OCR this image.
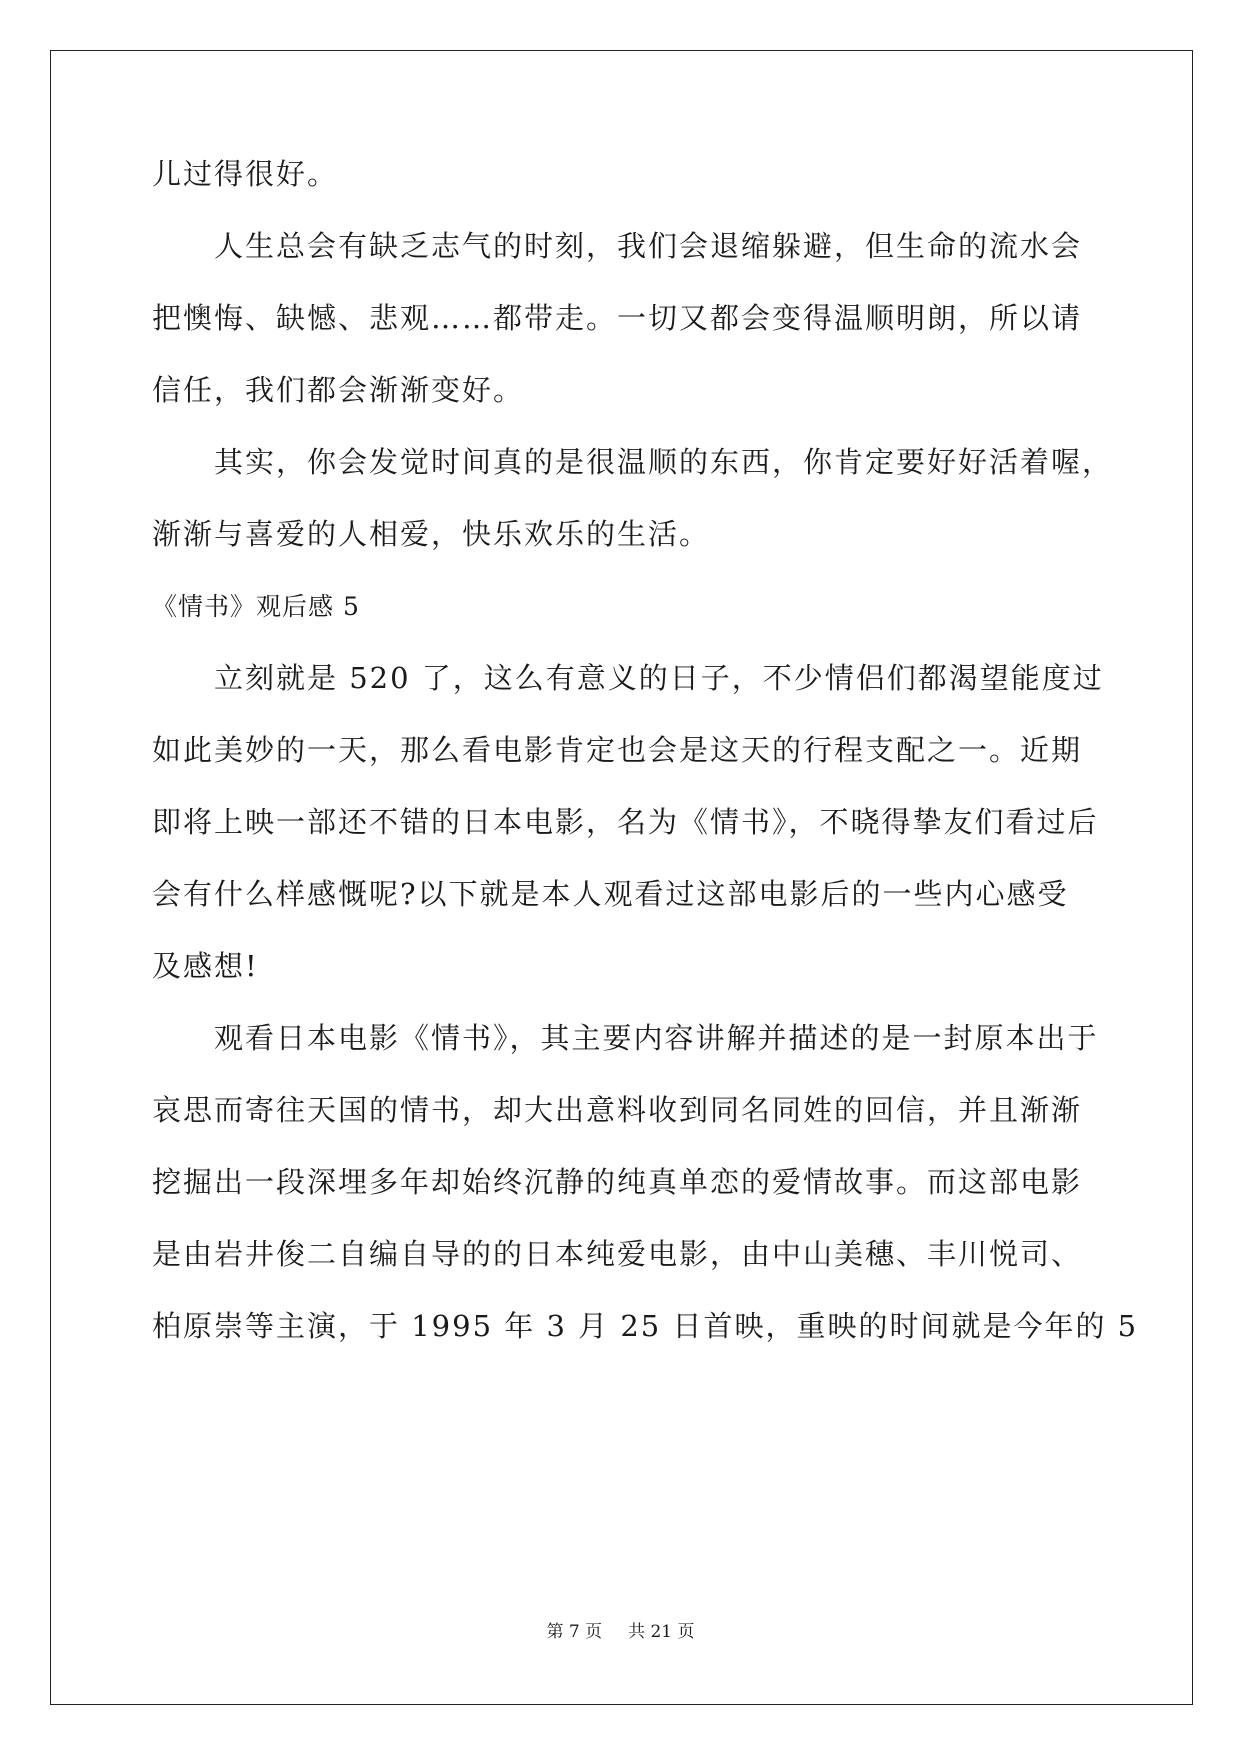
儿过得很好。
人生总会有缺乏志气的时刻，我们会退缩躲避，但生命的流水会
把懊悔、缺憾、悲观……都带走。一切又都会变得温顺明朗，所以请
信任，我们都会渐渐变好。
其实，你会发觉时间真的是很温顺的东西，你肯定要好好活着喔，
渐渐与喜爱的人相爱，快乐欢乐的生活。
《情书》观后感 5
立刻就是 520 了，这么有意义的日子，不少情侣们都渴望能度过
如此美妙的一天，那么看电影肯定也会是这天的行程支配之一。近期
即将上映一部还不错的日本电影，名为《情书》，不晓得挚友们看过后
会有什么样感慨呢?以下就是本人观看过这部电影后的一些内心感受
及感想!
观看日本电影《情书》，其主要内容讲解并描述的是一封原本出于
哀思而寄往天国的情书，却大出意料收到同名同姓的回信，并且渐渐
挖掘出一段深埋多年却始终沉静的纯真单恋的爱情故事。而这部电影
是由岩井俊二自编自导的的日本纯爱电影，由中山美穗、丰川悦司、
柏原崇等主演，于 1995 年 3 月 25 日首映，重映的时间就是今年的 5
第 7 页 共 21 页
